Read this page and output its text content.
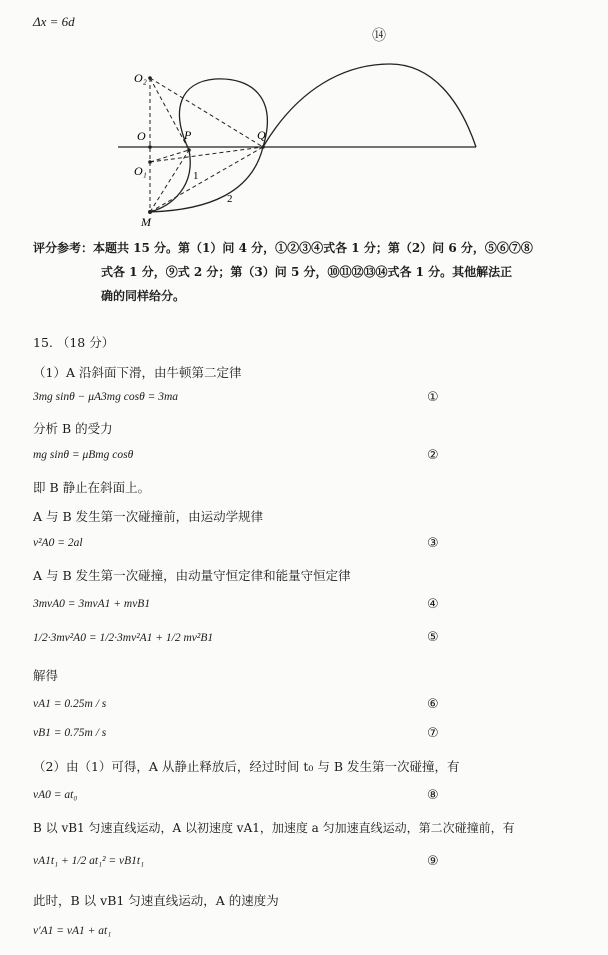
Δx = 6d
⑭
O₂
O
O₁
P	Q
M
1
2
评分参考：本题共 15 分。第（1）问 4 分，①②③④式各 1 分；第（2）问 6 分，⑤⑥⑦⑧
式各 1 分，⑨式 2 分；第（3）问 5 分，⑩⑪⑫⑬⑭式各 1 分。其他解法正
确的同样给分。
15. （18 分）
（1）A 沿斜面下滑，由牛顿第二定律
3mg sinθ − μA3mg cosθ = 3ma	①
分析 B 的受力
mg sinθ = μBmg cosθ	②
即 B 静止在斜面上。
A 与 B 发生第一次碰撞前，由运动学规律
v²A0 = 2al	③
A 与 B 发生第一次碰撞，由动量守恒定律和能量守恒定律
3mvA0 = 3mvA1 + mvB1	④
1/2·3mv²A0 = 1/2·3mv²A1 + 1/2 mv²B1	⑤
解得
vA1 = 0.25m / s	⑥
vB1 = 0.75m / s	⑦
（2）由（1）可得，A 从静止释放后，经过时间 t₀ 与 B 发生第一次碰撞，有
vA0 = at₀	⑧
B 以 vB1 匀速直线运动，A 以初速度 vA1，加速度 a 匀加速直线运动，第二次碰撞前，有
vA1t₁ + 1/2 at₁² = vB1t₁	⑨
此时，B 以 vB1 匀速直线运动，A 的速度为
v′A1 = vA1 + at₁
